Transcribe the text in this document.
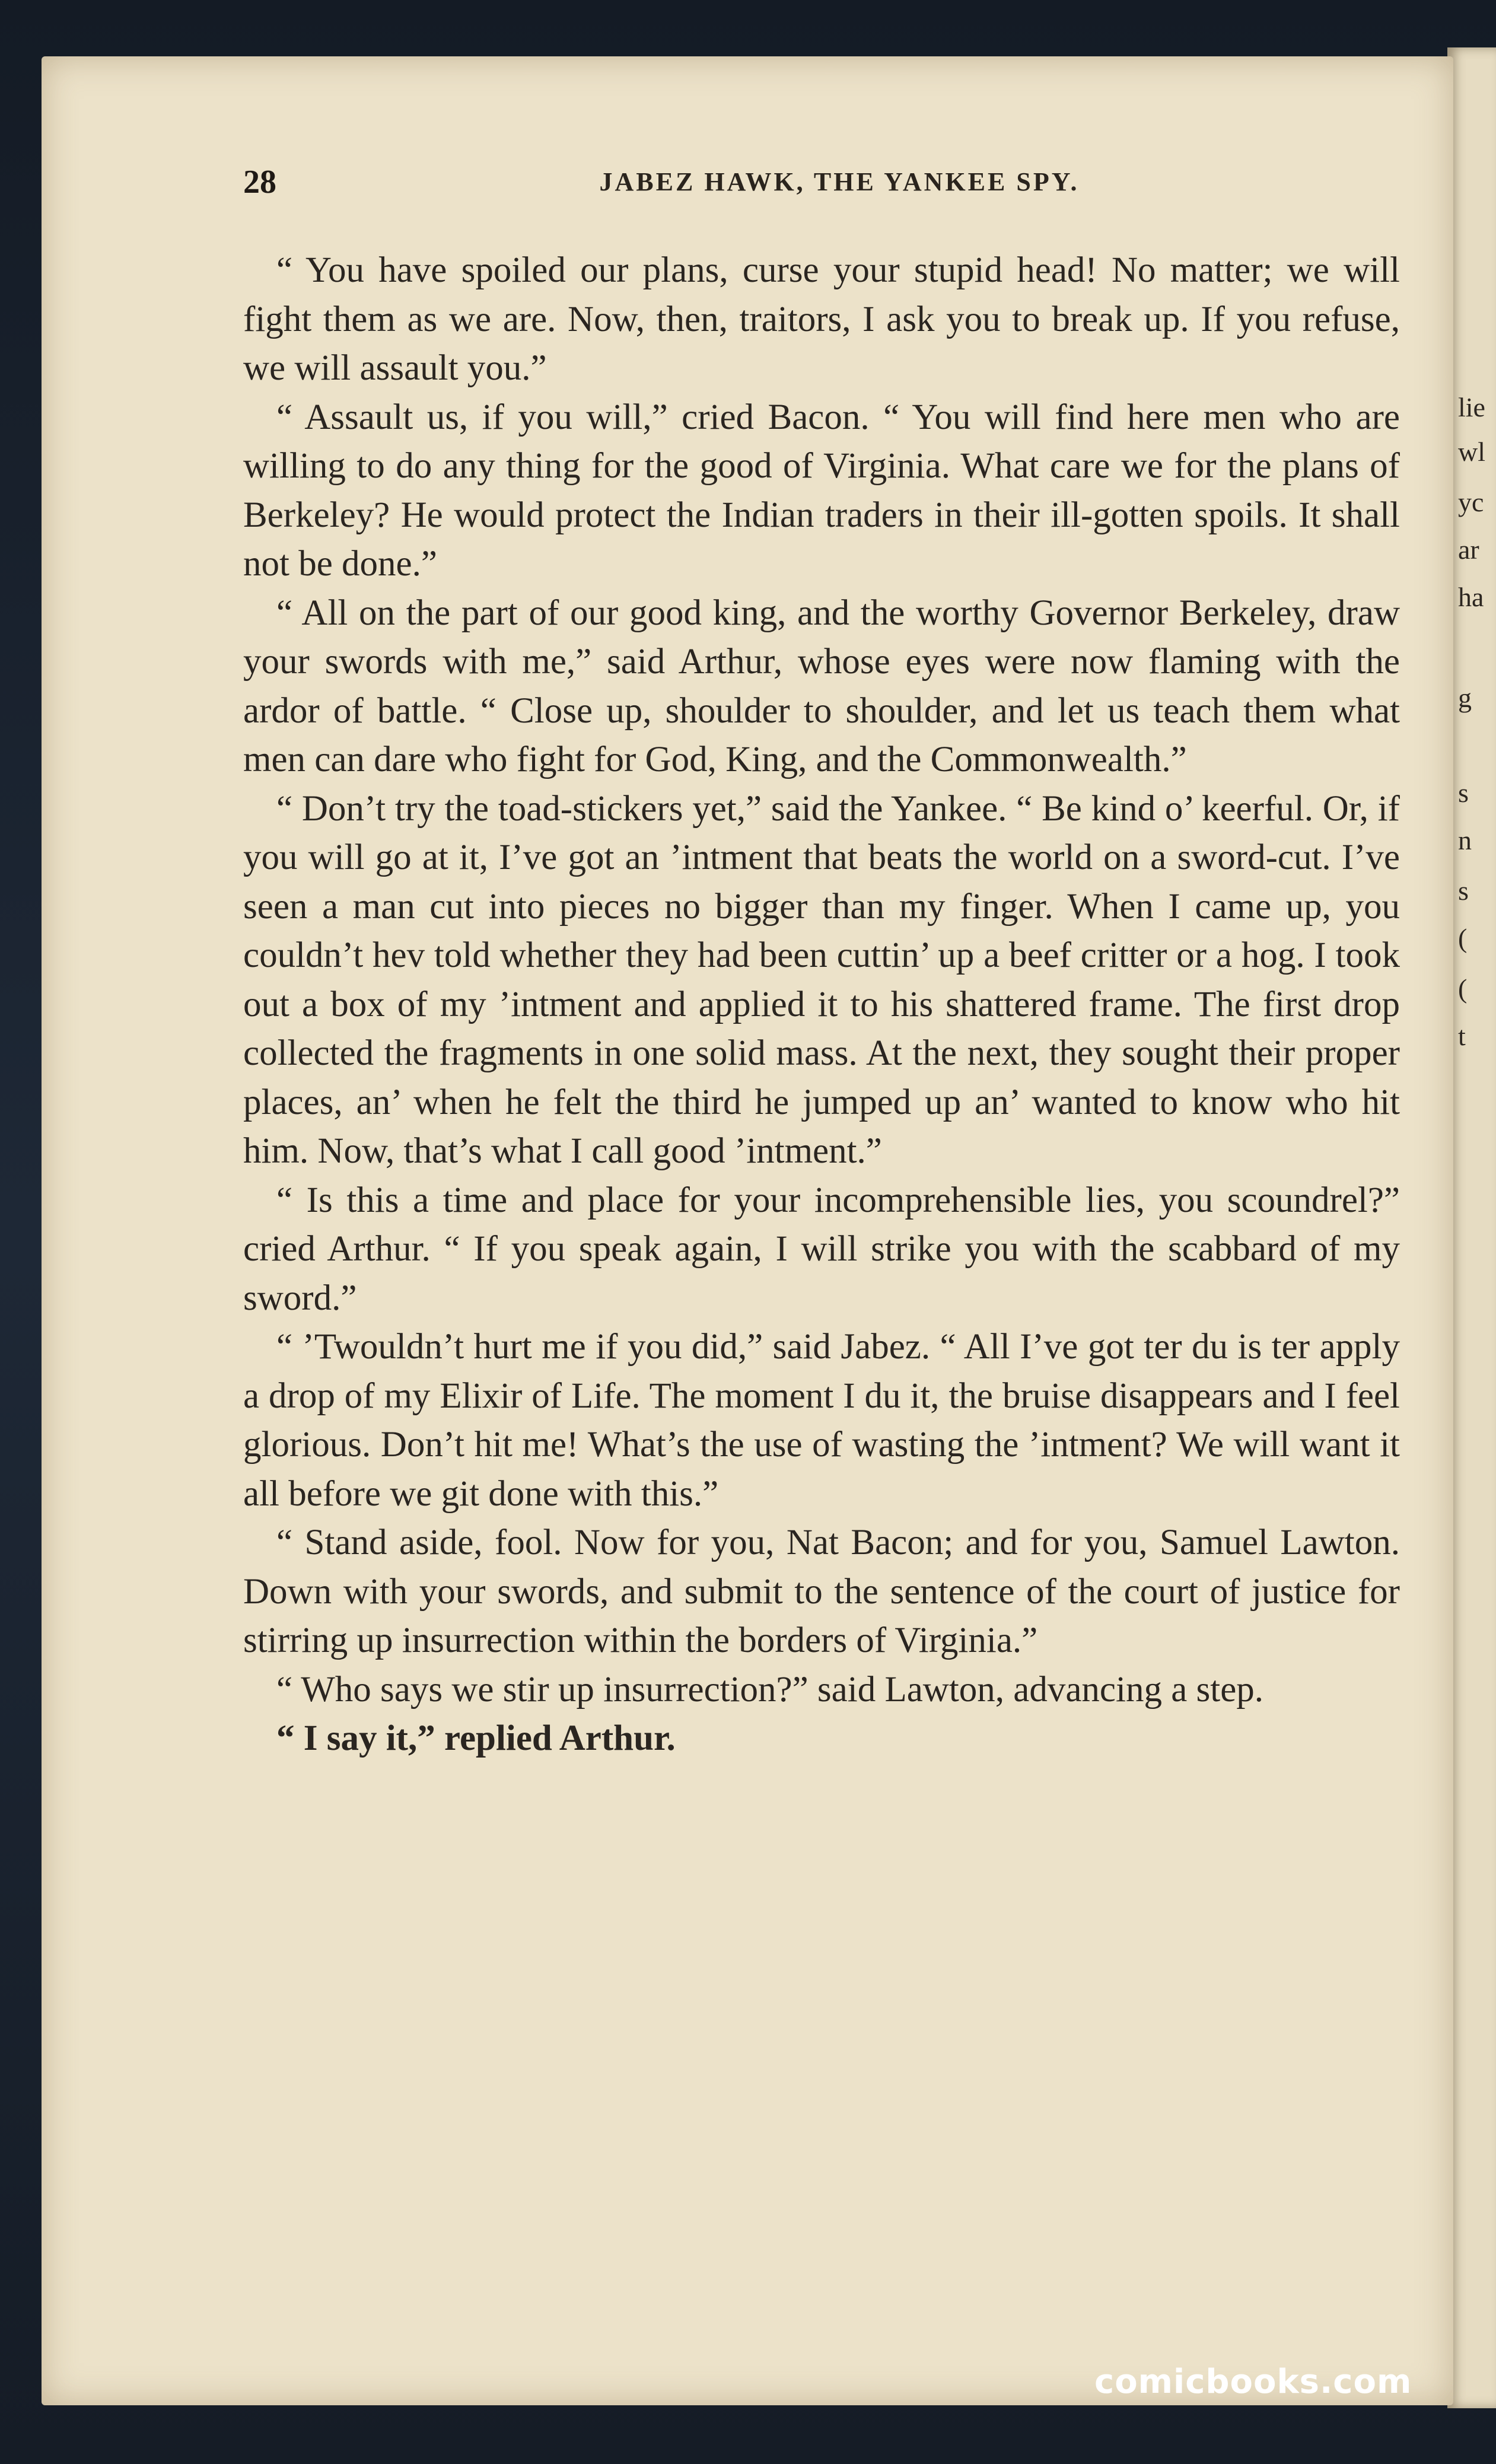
lie
wl
yc
ar
ha
g
s
n
s
(
(
t
28	JABEZ HAWK, THE YANKEE SPY.

“ You have spoiled our plans, curse your stupid head! No matter; we will fight them as we are. Now, then, traitors, I ask you to break up. If you refuse, we will assault you.”

“ Assault us, if you will,” cried Bacon. “ You will find here men who are willing to do any thing for the good of Virginia. What care we for the plans of Berkeley? He would protect the Indian traders in their ill-gotten spoils. It shall not be done.”

“ All on the part of our good king, and the worthy Governor Berkeley, draw your swords with me,” said Arthur, whose eyes were now flaming with the ardor of battle. “ Close up, shoulder to shoulder, and let us teach them what men can dare who fight for God, King, and the Commonwealth.”

“ Don’t try the toad-stickers yet,” said the Yankee. “ Be kind o’ keerful. Or, if you will go at it, I’ve got an ’intment that beats the world on a sword-cut. I’ve seen a man cut into pieces no bigger than my finger. When I came up, you couldn’t hev told whether they had been cuttin’ up a beef critter or a hog. I took out a box of my ’intment and applied it to his shattered frame. The first drop collected the fragments in one solid mass. At the next, they sought their proper places, an’ when he felt the third he jumped up an’ wanted to know who hit him. Now, that’s what I call good ’intment.”

“ Is this a time and place for your incomprehensible lies, you scoundrel?” cried Arthur. “ If you speak again, I will strike you with the scabbard of my sword.”

“ ’Twouldn’t hurt me if you did,” said Jabez. “ All I’ve got ter du is ter apply a drop of my Elixir of Life. The moment I du it, the bruise disappears and I feel glorious. Don’t hit me! What’s the use of wasting the ’intment? We will want it all before we git done with this.”

“ Stand aside, fool. Now for you, Nat Bacon; and for you, Samuel Lawton. Down with your swords, and submit to the sentence of the court of justice for stirring up insurrection within the borders of Virginia.”

“ Who says we stir up insurrection?” said Lawton, advancing a step.

“ I say it,” replied Arthur.

comicbooks.com
